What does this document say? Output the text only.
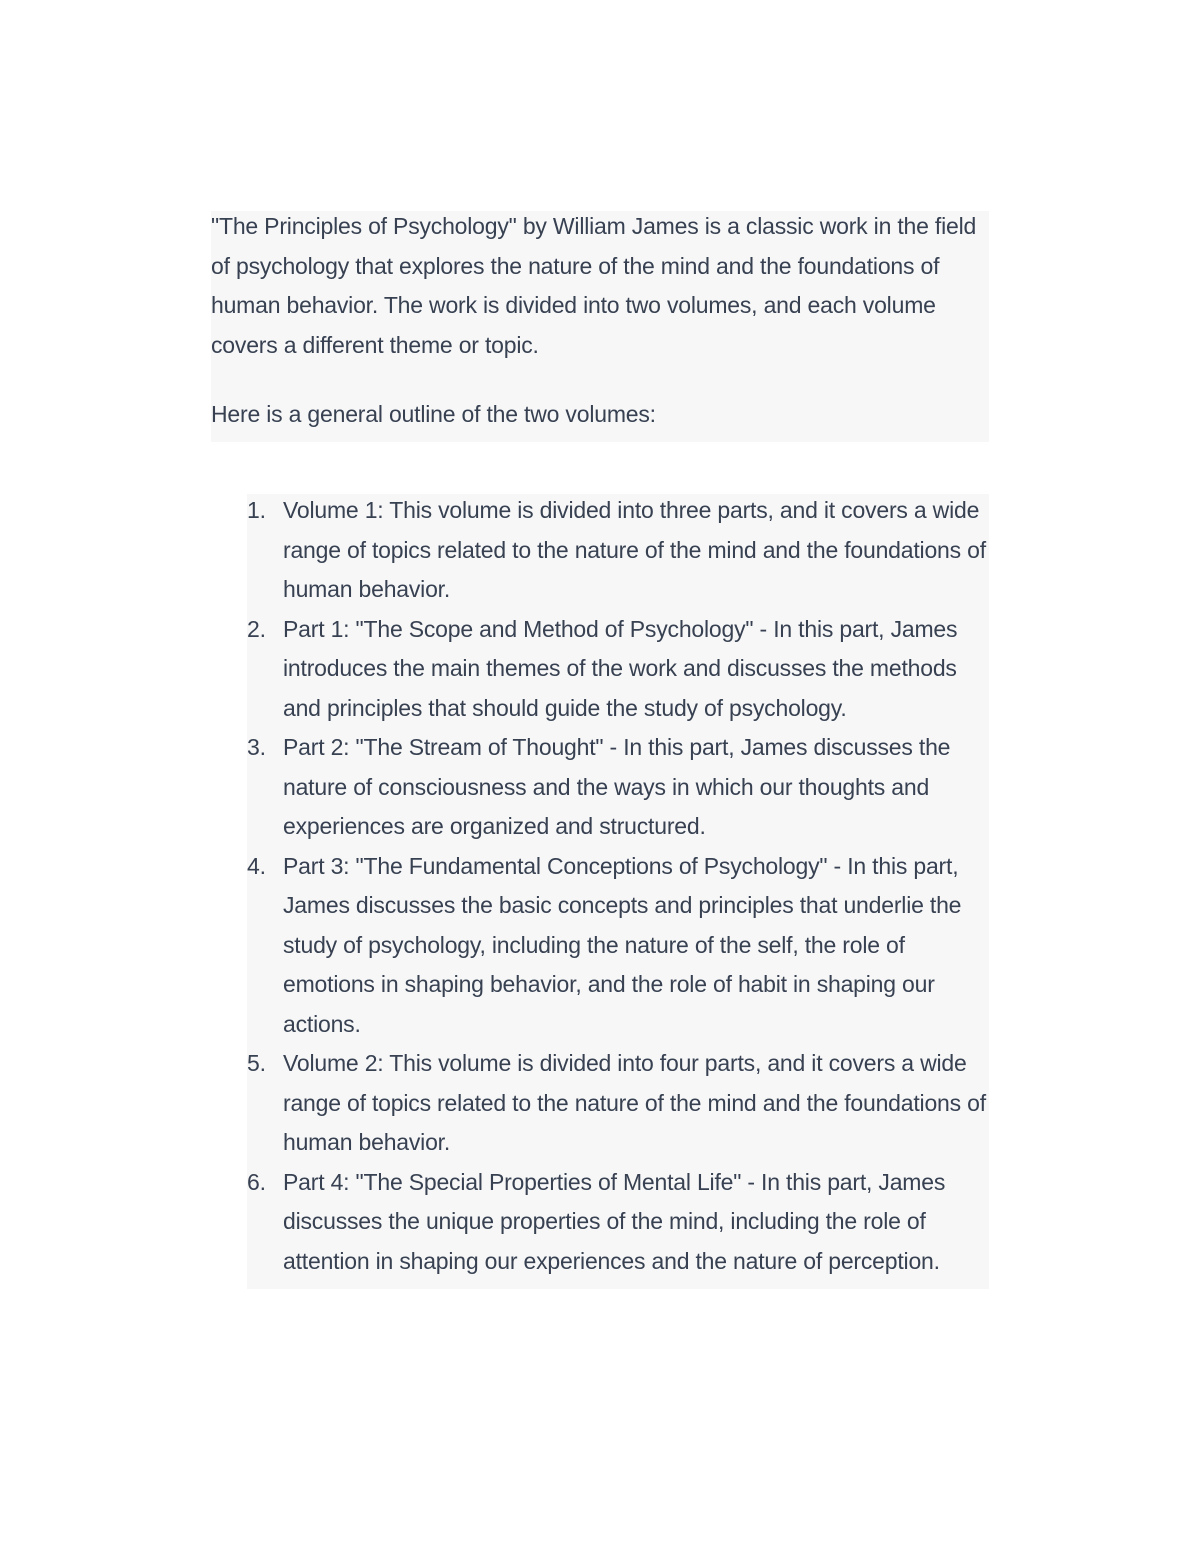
"The Principles of Psychology" by William James is a classic work in the field of psychology that explores the nature of the mind and the foundations of human behavior. The work is divided into two volumes, and each volume covers a different theme or topic.

Here is a general outline of the two volumes:

1. Volume 1: This volume is divided into three parts, and it covers a wide range of topics related to the nature of the mind and the foundations of human behavior.
2. Part 1: "The Scope and Method of Psychology" - In this part, James introduces the main themes of the work and discusses the methods and principles that should guide the study of psychology.
3. Part 2: "The Stream of Thought" - In this part, James discusses the nature of consciousness and the ways in which our thoughts and experiences are organized and structured.
4. Part 3: "The Fundamental Conceptions of Psychology" - In this part, James discusses the basic concepts and principles that underlie the study of psychology, including the nature of the self, the role of emotions in shaping behavior, and the role of habit in shaping our actions.
5. Volume 2: This volume is divided into four parts, and it covers a wide range of topics related to the nature of the mind and the foundations of human behavior.
6. Part 4: "The Special Properties of Mental Life" - In this part, James discusses the unique properties of the mind, including the role of attention in shaping our experiences and the nature of perception.
